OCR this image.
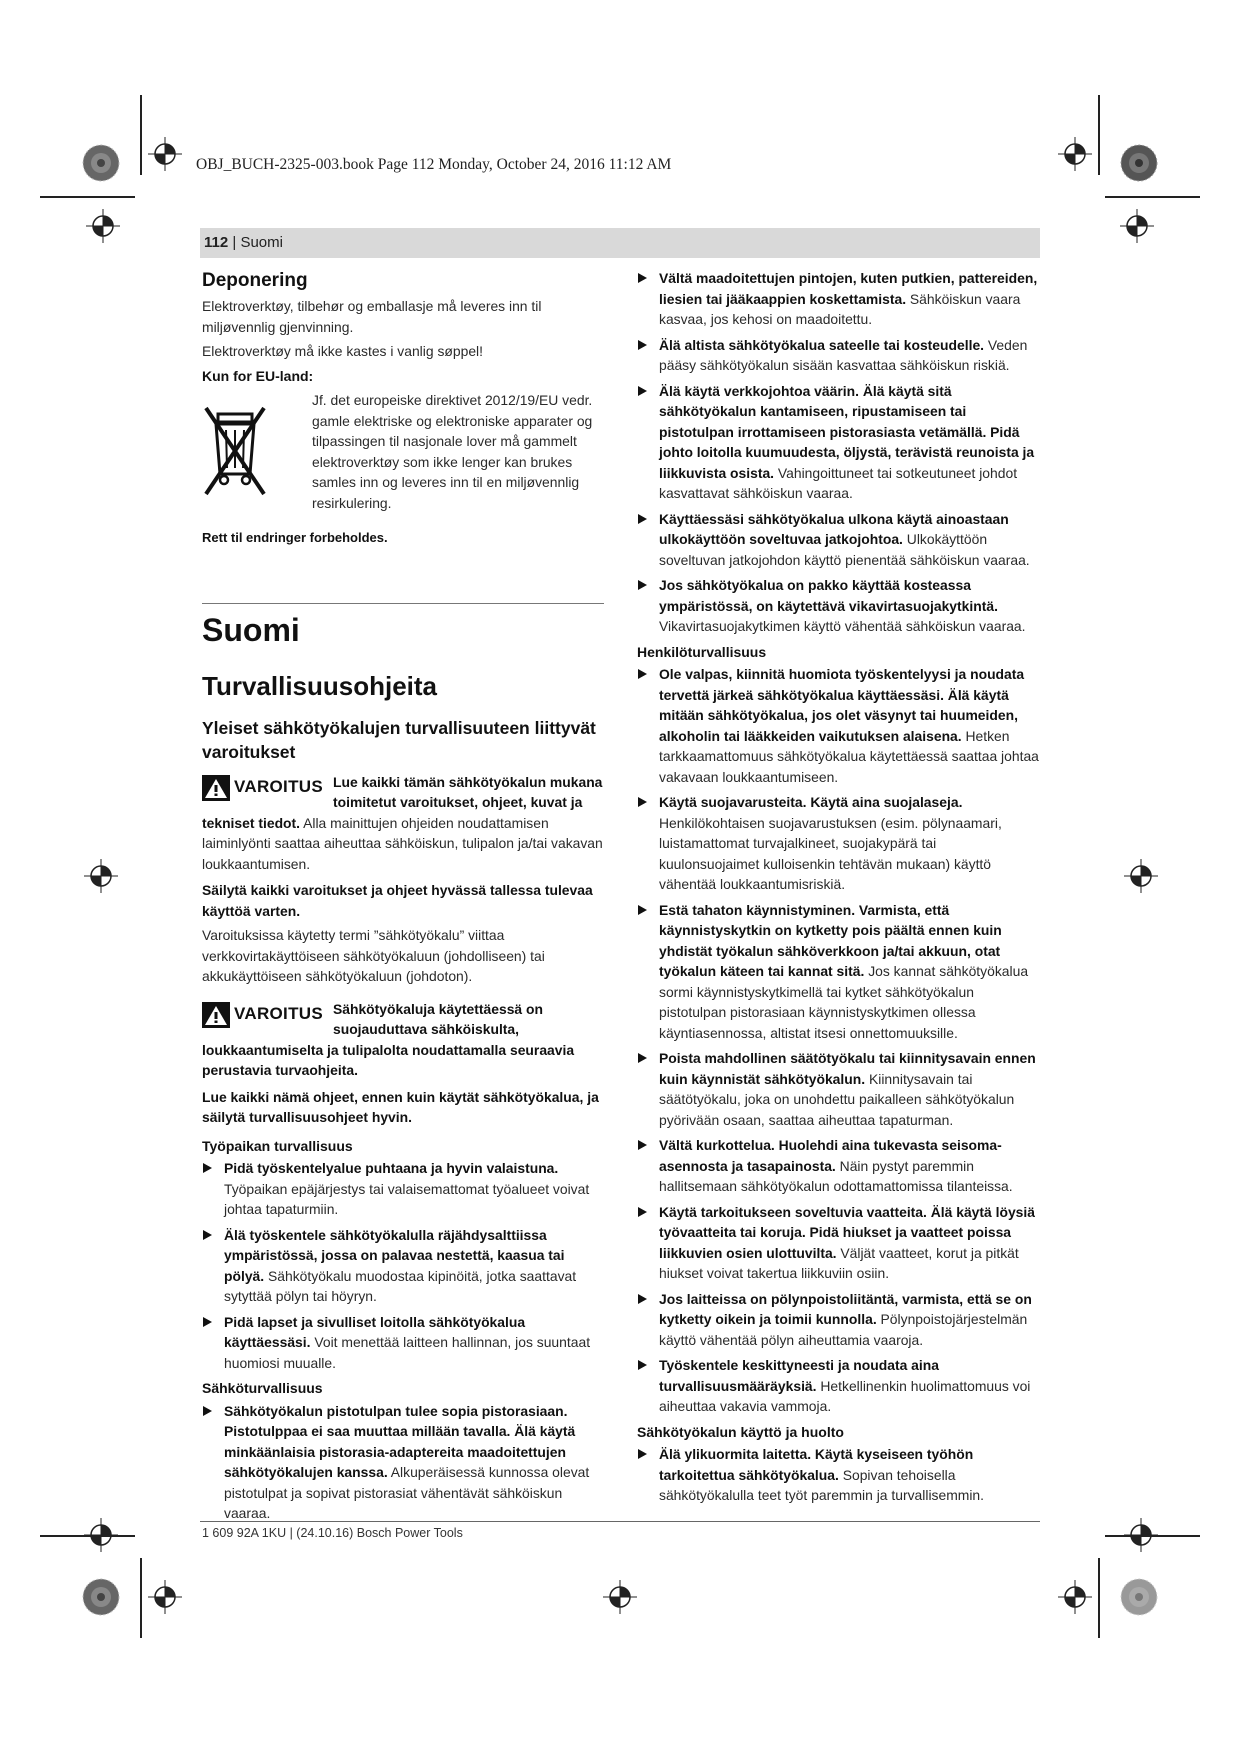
OBJ_BUCH-2325-003.book Page 112 Monday, October 24, 2016 11:12 AM
112 | Suomi
Deponering

Elektroverktøy, tilbehør og emballasje må leveres inn til miljøvennlig gjenvinning.

Elektroverktøy må ikke kastes i vanlig søppel!

Kun for EU-land:
Jf. det europeiske direktivet 2012/19/EU vedr. gamle elektriske og elektroniske apparater og tilpassingen til nasjonale lover må gammelt elektroverktøy som ikke lenger kan brukes samles inn og leveres inn til en miljøvennlig resirkulering.
Rett til endringer forbeholdes.
Suomi
Turvallisuusohjeita
Yleiset sähkötyökalujen turvallisuuteen liittyvät varoitukset
VAROITUS Lue kaikki tämän sähkötyökalun mukana toimitetut varoitukset, ohjeet, kuvat ja tekniset tiedot. Alla mainittujen ohjeiden noudattamisen laiminlyönti saattaa aiheuttaa sähköiskun, tulipalon ja/tai vakavan loukkaantumisen.

Säilytä kaikki varoitukset ja ohjeet hyvässä tallessa tulevaa käyttöä varten.

Varoituksissa käytetty termi ”sähkötyökalu” viittaa verkkovirtakäyttöiseen sähkötyökaluun (johdolliseen) tai akkukäyttöiseen sähkötyökaluun (johdoton).

VAROITUS Sähkötyökaluja käytettäessä on suojauduttava sähköiskulta, loukkaantumiselta ja tulipalolta noudattamalla seuraavia perustavia turvaohjeita.

Lue kaikki nämä ohjeet, ennen kuin käytät sähkötyökalua, ja säilytä turvallisuusohjeet hyvin.

Työpaikan turvallisuus
Pidä työskentelyalue puhtaana ja hyvin valaistuna. Työpaikan epäjärjestys tai valaisemattomat työalueet voivat johtaa tapaturmiin.
Älä työskentele sähkötyökalulla räjähdysalttiissa ympäristössä, jossa on palavaa nestettä, kaasua tai pölyä. Sähkötyökalu muodostaa kipinöitä, jotka saattavat sytyttää pölyn tai höyryn.
Pidä lapset ja sivulliset loitolla sähkötyökalua käyttäessäsi. Voit menettää laitteen hallinnan, jos suuntaat huomiosi muualle.
Sähköturvallisuus
Sähkötyökalun pistotulpan tulee sopia pistorasiaan. Pistotulppaa ei saa muuttaa millään tavalla. Älä käytä minkäänlaisia pistorasia-adaptereita maadoitettujen sähkötyökalujen kanssa. Alkuperäisessä kunnossa olevat pistotulpat ja sopivat pistorasiat vähentävät sähköiskun vaaraa.
Vältä maadoitettujen pintojen, kuten putkien, pattereiden, liesien tai jääkaappien koskettamista. Sähköiskun vaara kasvaa, jos kehosi on maadoitettu.
Älä altista sähkötyökalua sateelle tai kosteudelle. Veden pääsy sähkötyökalun sisään kasvattaa sähköiskun riskiä.
Älä käytä verkkojohtoa väärin. Älä käytä sitä sähkötyökalun kantamiseen, ripustamiseen tai pistotulpan irrottamiseen pistorasiasta vetämällä. Pidä johto loitolla kuumuudesta, öljystä, terävistä reunoista ja liikkuvista osista. Vahingoittuneet tai sotkeutuneet johdot kasvattavat sähköiskun vaaraa.
Käyttäessäsi sähkötyökalua ulkona käytä ainoastaan ulkokäyttöön soveltuvaa jatkojohtoa. Ulkokäyttöön soveltuvan jatkojohdon käyttö pienentää sähköiskun vaaraa.
Jos sähkötyökalua on pakko käyttää kosteassa ympäristössä, on käytettävä vikavirtasuojakytkintä. Vikavirtasuojakytkimen käyttö vähentää sähköiskun vaaraa.
Henkilöturvallisuus
Ole valpas, kiinnitä huomiota työskentelyysi ja noudata tervettä järkeä sähkötyökalua käyttäessäsi. Älä käytä mitään sähkötyökalua, jos olet väsynyt tai huumeiden, alkoholin tai lääkkeiden vaikutuksen alaisena. Hetken tarkkaamattomuus sähkötyökalua käytettäessä saattaa johtaa vakavaan loukkaantumiseen.
Käytä suojavarusteita. Käytä aina suojalaseja. Henkilökohtaisen suojavarustuksen (esim. pölynaamari, luistamattomat turvajalkineet, suojakypärä tai kuulonsuojaimet kulloisenkin tehtävän mukaan) käyttö vähentää loukkaantumisriskiä.
Estä tahaton käynnistyminen. Varmista, että käynnistyskytkin on kytketty pois päältä ennen kuin yhdistät työkalun sähköverkkoon ja/tai akkuun, otat työkalun käteen tai kannat sitä. Jos kannat sähkötyökalua sormi käynnistyskytkimellä tai kytket sähkötyökalun pistotulpan pistorasiaan käynnistyskytkimen ollessa käyntiasennossa, altistat itsesi onnettomuuksille.
Poista mahdollinen säätötyökalu tai kiinnitysavain ennen kuin käynnistät sähkötyökalun. Kiinnitysavain tai säätötyökalu, joka on unohdettu paikalleen sähkötyökalun pyörivään osaan, saattaa aiheuttaa tapaturman.
Vältä kurkottelua. Huolehdi aina tukevasta seisoma-asennosta ja tasapainosta. Näin pystyt paremmin hallitsemaan sähkötyökalun odottamattomissa tilanteissa.
Käytä tarkoitukseen soveltuvia vaatteita. Älä käytä löysiä työvaatteita tai koruja. Pidä hiukset ja vaatteet poissa liikkuvien osien ulottuvilta. Väljät vaatteet, korut ja pitkät hiukset voivat takertua liikkuviin osiin.
Jos laitteissa on pölynpoistoliitäntä, varmista, että se on kytketty oikein ja toimii kunnolla. Pölynpoistojärjestelmän käyttö vähentää pölyn aiheuttamia vaaroja.
Työskentele keskittyneesti ja noudata aina turvallisuusmääräyksiä. Hetkellinenkin huolimattomuus voi aiheuttaa vakavia vammoja.
Sähkötyökalun käyttö ja huolto
Älä ylikuormita laitetta. Käytä kyseiseen työhön tarkoitettua sähkötyökalua. Sopivan tehoisella sähkötyökalulla teet työt paremmin ja turvallisemmin.
1 609 92A 1KU | (24.10.16) Bosch Power Tools
